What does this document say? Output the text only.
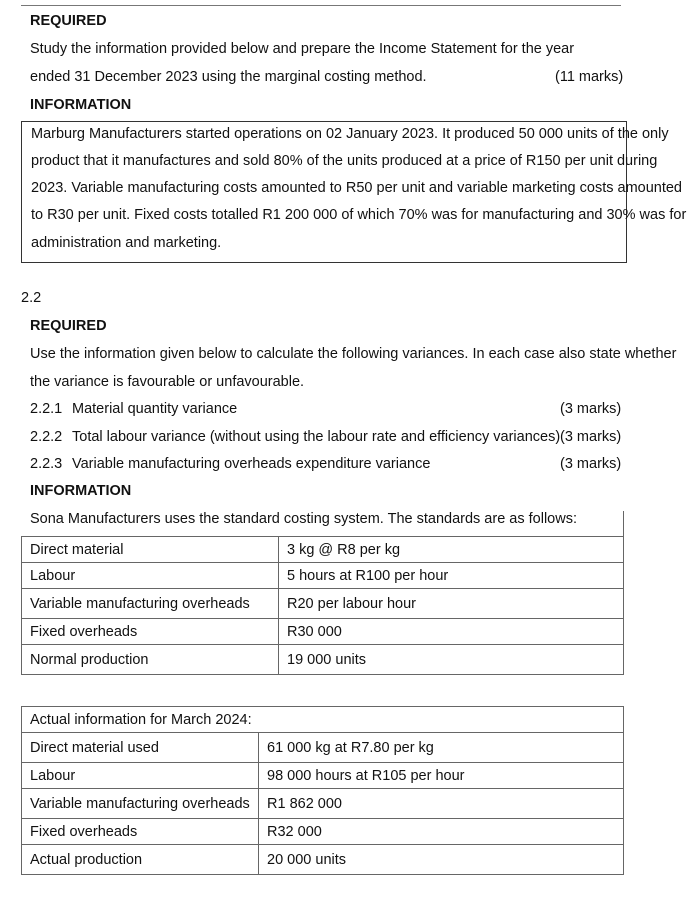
REQUIRED
Study the information provided below and prepare the Income Statement for the year
ended 31 December 2023 using the marginal costing method.	(11 marks)
INFORMATION

Marburg Manufacturers started operations on 02 January 2023. It produced 50 000 units of the only

product that it manufactures and sold 80% of the units produced at a price of R150 per unit during

2023. Variable manufacturing costs amounted to R50 per unit and variable marketing costs amounted

to R30 per unit. Fixed costs totalled R1 200 000 of which 70% was for manufacturing and 30% was for

administration and marketing.

2.2
REQUIRED
Use the information given below to calculate the following variances. In each case also state whether
the variance is favourable or unfavourable.
2.2.1 Material quantity variance	(3 marks)
2.2.2 Total labour variance (without using the labour rate and efficiency variances) (3 marks)
2.2.3 Variable manufacturing overheads expenditure variance	(3 marks)
INFORMATION
Sona Manufacturers uses the standard costing system. The standards are as follows:
Direct material	3 kg @ R8 per kg
Labour	5 hours at R100 per hour
Variable manufacturing overheads	R20 per labour hour
Fixed overheads	R30 000
Normal production	19 000 units
Actual information for March 2024:	
Direct material used	61 000 kg at R7.80 per kg
Labour	98 000 hours at R105 per hour
Variable manufacturing overheads	R1 862 000
Fixed overheads	R32 000
Actual production	20 000 units
